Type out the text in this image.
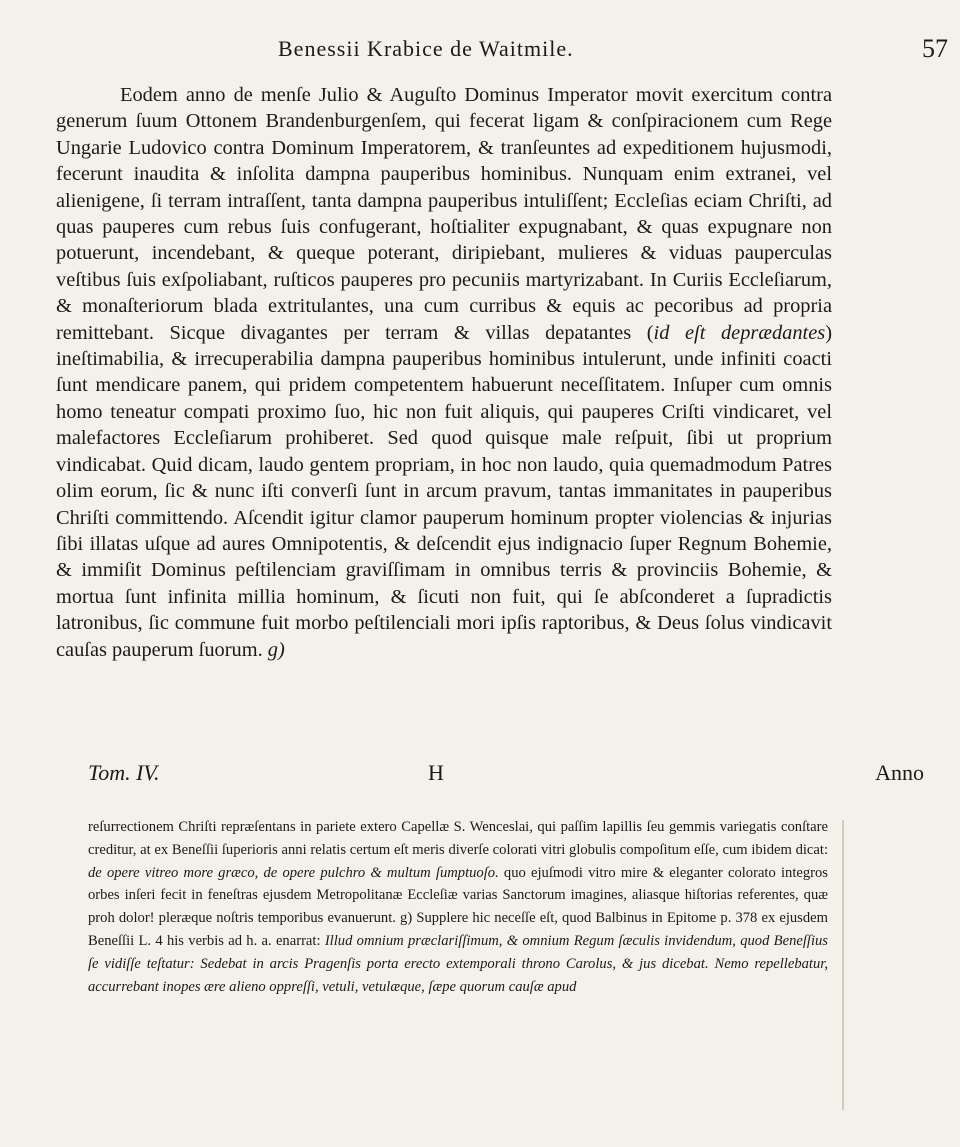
Benessii Krabice de Waitmile.	57

Eodem anno de menſe Julio & Auguſto Dominus Imperator movit exercitum contra generum ſuum Ottonem Brandenburgenſem, qui fecerat ligam & conſpiracionem cum Rege Ungarie Ludovico contra Dominum Imperatorem, & tranſeuntes ad expeditionem hujusmodi, fecerunt inaudita & inſolita dampna pauperibus hominibus. Nunquam enim extranei, vel alienigene, ſi terram intraſſent, tanta dampna pauperibus intuliſſent; Eccleſias eciam Chriſti, ad quas pauperes cum rebus ſuis confugerant, hoſtialiter expugnabant, & quas expugnare non potuerunt, incendebant, & queque poterant, diripiebant, mulieres & viduas pauperculas veſtibus ſuis exſpoliabant, ruſticos pauperes pro pecuniis martyrizabant. In Curiis Eccleſiarum, & monaſteriorum blada extritulantes, una cum curribus & equis ac pecoribus ad propria remittebant. Sicque divagantes per terram & villas depatantes (id eſt deprædantes) ineſtimabilia, & irrecuperabilia dampna pauperibus hominibus intulerunt, unde infiniti coacti ſunt mendicare panem, qui pridem competentem habuerunt neceſſitatem. Inſuper cum omnis homo teneatur compati proximo ſuo, hic non fuit aliquis, qui pauperes Criſti vindicaret, vel malefactores Eccleſiarum prohiberet. Sed quod quisque male reſpuit, ſibi ut proprium vindicabat. Quid dicam, laudo gentem propriam, in hoc non laudo, quia quemadmodum Patres olim eorum, ſic & nunc iſti converſi ſunt in arcum pravum, tantas immanitates in pauperibus Chriſti committendo. Aſcendit igitur clamor pauperum hominum propter violencias & injurias ſibi illatas uſque ad aures Omnipotentis, & deſcendit ejus indignacio ſuper Regnum Bohemie, & immiſit Dominus peſtilenciam graviſſimam in omnibus terris & provinciis Bohemie, & mortua ſunt infinita millia hominum, & ſicuti non fuit, qui ſe abſconderet a ſupradictis latronibus, ſic commune fuit morbo peſtilenciali mori ipſis raptoribus, & Deus ſolus vindicavit cauſas pauperum ſuorum. g)

Tom. IV.	H	Anno

reſurrectionem Chriſti repræſentans in pariete extero Capellæ S. Wenceslai, qui paſſim lapillis ſeu gemmis variegatis conſtare creditur, at ex Beneſſii ſuperioris anni relatis certum eſt meris diverſe colorati vitri globulis compoſitum eſſe, cum ibidem dicat: de opere vitreo more græco, de opere pulchro & multum ſumptuoſo. quo ejuſmodi vitro mire & eleganter colorato integros orbes inſeri fecit in feneſtras ejusdem Metropolitanæ Eccleſiæ varias Sanctorum imagines, aliasque hiſtorias referentes, quæ proh dolor! pleræque noſtris temporibus evanuerunt. g) Supplere hic neceſſe eſt, quod Balbinus in Epitome p. 378 ex ejusdem Beneſſii L. 4 his verbis ad h. a. enarrat: Illud omnium præclariſſimum, & omnium Regum ſæculis invidendum, quod Beneſſius ſe vidiſſe teſtatur: Sedebat in arcis Pragenſis porta erecto extemporali throno Carolus, & jus dicebat. Nemo repellebatur, accurrebant inopes ære alieno oppreſſi, vetuli, vetulæque, ſæpe quorum cauſæ apud
